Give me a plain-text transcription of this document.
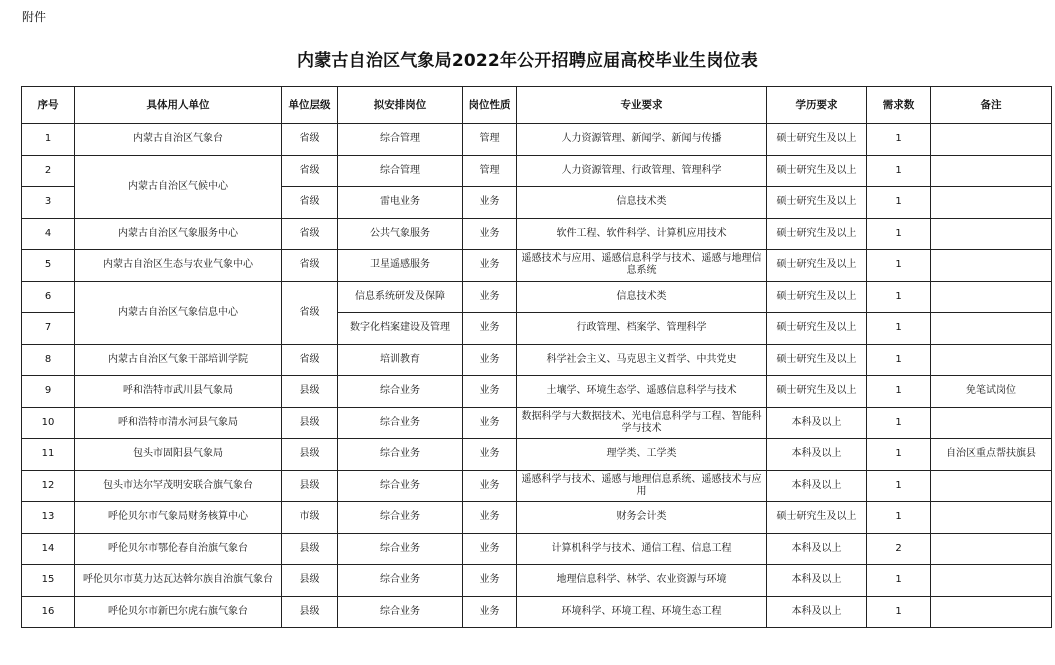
附件
内蒙古自治区气象局2022年公开招聘应届高校毕业生岗位表
序号	具体用人单位	单位层级	拟安排岗位	岗位性质	专业要求	学历要求	需求数	备注
1	内蒙古自治区气象台	省级	综合管理	管理	人力资源管理、新闻学、新闻与传播	硕士研究生及以上	1	
2	内蒙古自治区气候中心	省级	综合管理	管理	人力资源管理、行政管理、管理科学	硕士研究生及以上	1	
3		省级	雷电业务	业务	信息技术类	硕士研究生及以上	1	
4	内蒙古自治区气象服务中心	省级	公共气象服务	业务	软件工程、软件科学、计算机应用技术	硕士研究生及以上	1	
5	内蒙古自治区生态与农业气象中心	省级	卫星遥感服务	业务	遥感技术与应用、遥感信息科学与技术、遥感与地理信息系统	硕士研究生及以上	1	
6	内蒙古自治区气象信息中心	省级	信息系统研发及保障	业务	信息技术类	硕士研究生及以上	1	
7			数字化档案建设及管理	业务	行政管理、档案学、管理科学	硕士研究生及以上	1	
8	内蒙古自治区气象干部培训学院	省级	培训教育	业务	科学社会主义、马克思主义哲学、中共党史	硕士研究生及以上	1	
9	呼和浩特市武川县气象局	县级	综合业务	业务	土壤学、环境生态学、遥感信息科学与技术	硕士研究生及以上	1	免笔试岗位
10	呼和浩特市清水河县气象局	县级	综合业务	业务	数据科学与大数据技术、光电信息科学与工程、智能科学与技术	本科及以上	1	
11	包头市固阳县气象局	县级	综合业务	业务	理学类、工学类	本科及以上	1	自治区重点帮扶旗县
12	包头市达尔罕茂明安联合旗气象台	县级	综合业务	业务	遥感科学与技术、遥感与地理信息系统、遥感技术与应用	本科及以上	1	
13	呼伦贝尔市气象局财务核算中心	市级	综合业务	业务	财务会计类	硕士研究生及以上	1	
14	呼伦贝尔市鄂伦春自治旗气象台	县级	综合业务	业务	计算机科学与技术、通信工程、信息工程	本科及以上	2	
15	呼伦贝尔市莫力达瓦达斡尔族自治旗气象台	县级	综合业务	业务	地理信息科学、林学、农业资源与环境	本科及以上	1	
16	呼伦贝尔市新巴尔虎右旗气象台	县级	综合业务	业务	环境科学、环境工程、环境生态工程	本科及以上	1	
